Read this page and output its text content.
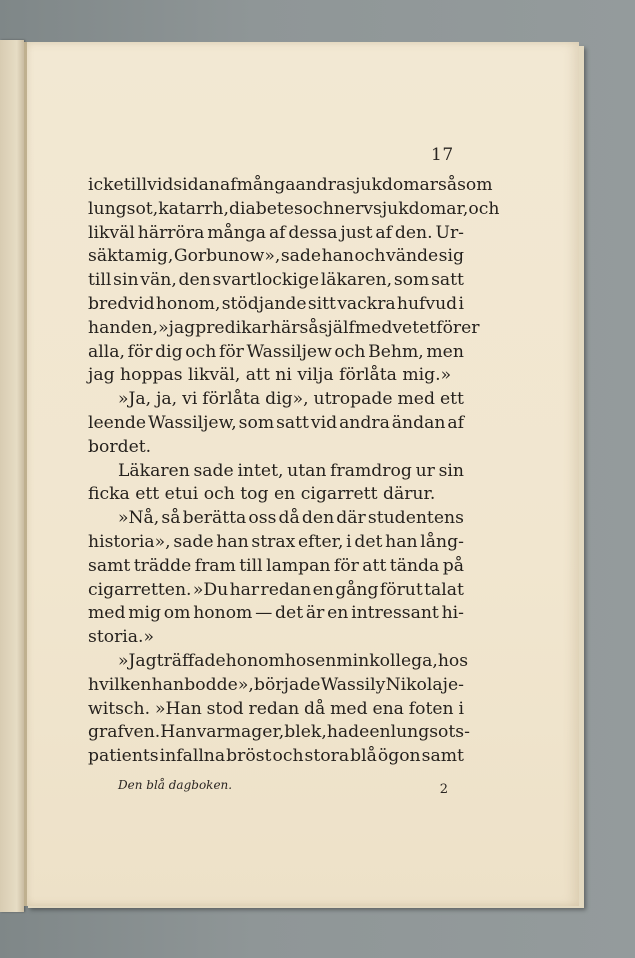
17
icke till vid sidan af många andra sjukdomar såsom
lungsot, katarrh, diabetes och nervsjukdomar, och
likväl härröra många af dessa just af den. Ur-
säkta mig, Gorbunow», sade han och vände sig
till sin vän, den svartlockige läkaren, som satt
bredvid honom, stödjande sitt vackra hufvud i
handen, »jag predikar här så själfmedvetet för er
alla, för dig och för Wassiljew och Behm, men
jag hoppas likväl, att ni vilja förlåta mig.»
»Ja, ja, vi förlåta dig», utropade med ett
leende Wassiljew, som satt vid andra ändan af
bordet.
Läkaren sade intet, utan framdrog ur sin
ficka ett etui och tog en cigarrett därur.
»Nå, så berätta oss då den där studentens
historia», sade han strax efter, i det han lång-
samt trädde fram till lampan för att tända på
cigarretten. »Du har redan en gång förut talat
med mig om honom — det är en intressant hi-
storia.»
»Jag träffade honom hos en min kollega, hos
hvilken han bodde», började Wassily Nikolaje-
witsch. »Han stod redan då med ena foten i
grafven. Han var mager, blek, hade en lungsots-
patients infallna bröst och stora blå ögon samt
Den blå dagboken.	2
